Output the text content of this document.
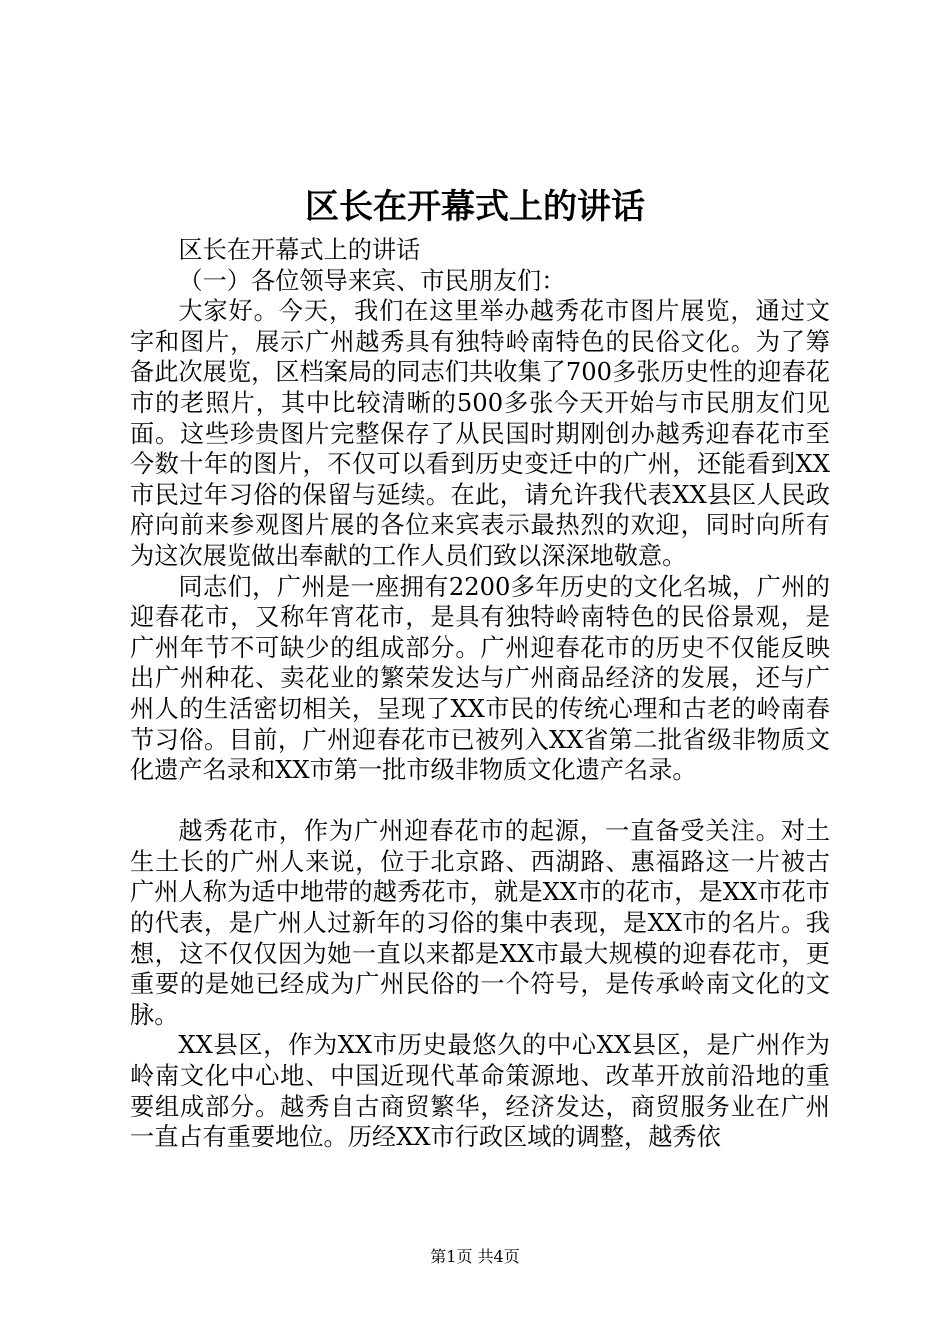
区长在开幕式上的讲话

区长在开幕式上的讲话

（一）各位领导来宾、市民朋友们：

大家好。今天，我们在这里举办越秀花市图片展览，通过文字和图片，展示广州越秀具有独特岭南特色的民俗文化。为了筹备此次展览，区档案局的同志们共收集了700多张历史性的迎春花市的老照片，其中比较清晰的500多张今天开始与市民朋友们见面。这些珍贵图片完整保存了从民国时期刚创办越秀迎春花市至今数十年的图片，不仅可以看到历史变迁中的广州，还能看到XX市民过年习俗的保留与延续。在此，请允许我代表XX县区人民政府向前来参观图片展的各位来宾表示最热烈的欢迎，同时向所有为这次展览做出奉献的工作人员们致以深深地敬意。

同志们，广州是一座拥有2200多年历史的文化名城，广州的迎春花市，又称年宵花市，是具有独特岭南特色的民俗景观，是广州年节不可缺少的组成部分。广州迎春花市的历史不仅能反映出广州种花、卖花业的繁荣发达与广州商品经济的发展，还与广州人的生活密切相关，呈现了XX市民的传统心理和古老的岭南春节习俗。目前，广州迎春花市已被列入XX省第二批省级非物质文化遗产名录和XX市第一批市级非物质文化遗产名录。

越秀花市，作为广州迎春花市的起源，一直备受关注。对土生土长的广州人来说，位于北京路、西湖路、惠福路这一片被古广州人称为适中地带的越秀花市，就是XX市的花市，是XX市花市的代表，是广州人过新年的习俗的集中表现，是XX市的名片。我想，这不仅仅因为她一直以来都是XX市最大规模的迎春花市，更重要的是她已经成为广州民俗的一个符号，是传承岭南文化的文脉。

XX县区，作为XX市历史最悠久的中心XX县区，是广州作为岭南文化中心地、中国近现代革命策源地、改革开放前沿地的重要组成部分。越秀自古商贸繁华，经济发达，商贸服务业在广州一直占有重要地位。历经XX市行政区域的调整，越秀依

第1页 共4页
